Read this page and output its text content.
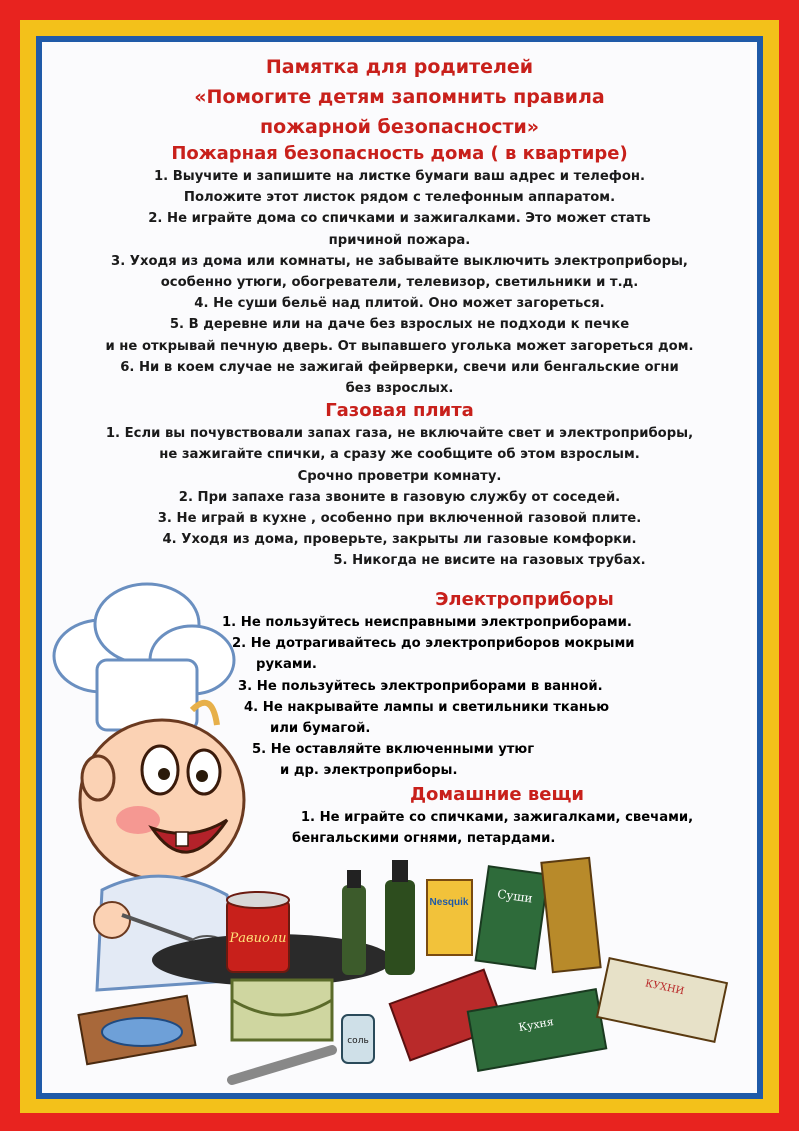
Памятка для родителей
«Помогите детям запомнить правила
пожарной безопасности»
Пожарная безопасность дома ( в квартире)
1. Выучите и запишите на листке бумаги ваш адрес и телефон.
Положите этот листок рядом с телефонным аппаратом.
2. Не играйте дома со спичками и зажигалками. Это может стать
причиной пожара.
3. Уходя из дома или комнаты, не забывайте выключить электроприборы,
особенно утюги, обогреватели, телевизор, светильники и т.д.
4. Не суши бельё над плитой. Оно может загореться.
5. В деревне или на даче без взрослых не подходи к печке
и не открывай печную дверь. От выпавшего уголька может загореться дом.
6. Ни в коем случае не зажигай фейрверки, свечи или бенгальские огни
без взрослых.
Газовая плита
1. Если вы почувствовали запах газа, не включайте свет и электроприборы,
не зажигайте спички, а сразу же сообщите об этом взрослым.
Срочно проветри комнату.
2. При запахе газа звоните в газовую службу от соседей.
3. Не играй в кухне , особенно при включенной газовой плите.
4. Уходя из дома, проверьте, закрыты ли газовые комфорки.
5. Никогда не висите на газовых трубах.
Равиоли
Nesquik Суши
Кухня
КУХНИ
соль
Электроприборы
1. Не пользуйтесь неисправными электроприборами.
2. Не дотрагивайтесь до электроприборов мокрыми
руками.
3. Не пользуйтесь электроприборами в ванной.
4. Не накрывайте лампы и светильники тканью
или бумагой.
5. Не оставляйте включенными утюг
и др. электроприборы.
Домашние вещи
1. Не играйте со спичками, зажигалками, свечами,
бенгальскими огнями, петардами.
